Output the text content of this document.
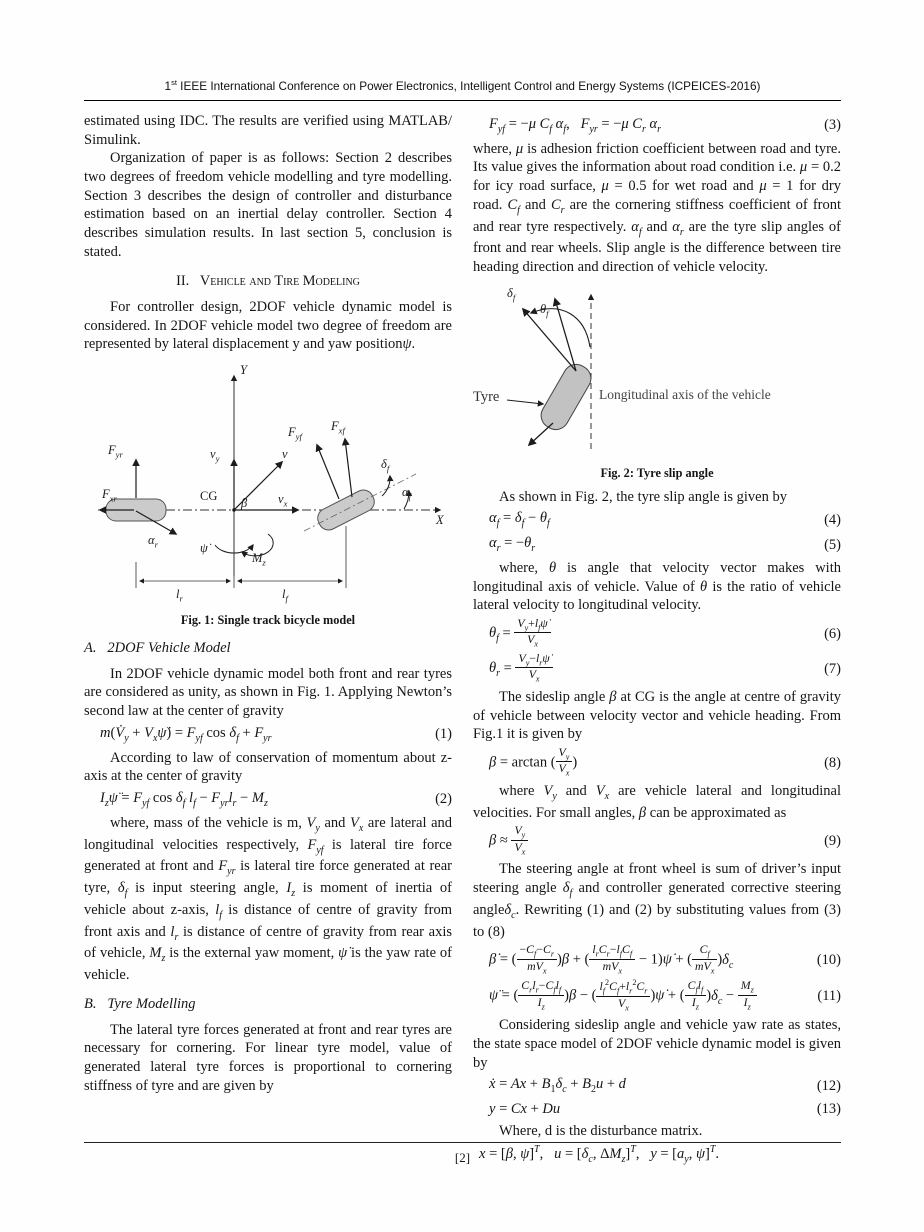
1st IEEE International Conference on Power Electronics, Intelligent Control and Energy Systems (ICPEICES-2016)

estimated using IDC. The results are verified using MATLAB/ Simulink.

Organization of paper is as follows: Section 2 describes two degrees of freedom vehicle modelling and tyre modelling. Section 3 describes the design of controller and disturbance estimation based on an inertial delay controller. Section 4 describes simulation results. In last section 5, conclusion is stated.

II.   Vehicle and Tire Modeling

For controller design, 2DOF vehicle dynamic model is considered. In 2DOF vehicle model two degree of freedom are represented by lateral displacement y and yaw positionψ.

Y
X
$F_{yr}$
$F_{xr}$
$\alpha_r$
CG β
$v_y$	v
$v_x$
$F_{yf}$
$F_{xf}$
$\delta_f$
$\alpha_f$
ψ̇
$M_z$
$l_r$	$l_f$
Fig. 1: Single track bicycle model
A.   2DOF Vehicle Model

In 2DOF vehicle dynamic model both front and rear tyres are considered as unity, as shown in Fig. 1. Applying Newton’s second law at the center of gravity

$m(V̇_y$ + $V_x\psi̇) = F_{yf}$ $\cos \delta_f + F_{yr}$	(1)

According to law of conservation of momentum about z-axis at the center of gravity

$I_z\psï = F_{yf}$ $\cos \delta_f$ $l_f - F_{yr}l_r - M_z$	(2)

where, mass of the vehicle is m, $V_y$ and $V_x$ are lateral and longitudinal velocities respectively, $F_{yf}$ is lateral tire force generated at front and $F_{yr}$ is lateral tire force generated at rear tyre, $\delta_f$ is input steering angle, $I_z$ is moment of inertia of vehicle about z-axis, $l_f$ is distance of centre of gravity from front axis and $l_r$ is distance of centre of gravity from rear axis of vehicle, $M_z$ is the external yaw moment, ψ̇ is the yaw rate of vehicle.

B.   Tyre Modelling

The lateral tyre forces generated at front and rear tyres are necessary for cornering. For linear tyre model, value of generated lateral tyre forces is proportional to cornering stiffness of tyre and are given by

$F_{yf} = -\mu$ $C_f$ $\alpha_f$,   $F_{yr} = -\mu$ $C_r$ $\alpha_r$	(3)

where, μ is adhesion friction coefficient between road and tyre. Its value gives the information about road condition i.e. μ = 0.2 for icy road surface, μ = 0.5 for wet road and μ = 1 for dry road. $C_f$ and $C_r$ are the cornering stiffness coefficient of front and rear tyre respectively. $\alpha_f$ and $\alpha_r$ are the tyre slip angles of front and rear wheels. Slip angle is the difference between tire heading direction and direction of vehicle velocity.

$\delta_f$
$\theta_f$
Tyre	Longitudinal axis of the vehicle
Fig. 2: Tyre slip angle

As shown in Fig. 2, the tyre slip angle is given by

$\alpha_f = \delta_f - \theta_f$	(4)
$\alpha_r = -\theta_r$	(5)

where, θ is angle that velocity vector makes with longitudinal axis of vehicle. Value of θ is the ratio of vehicle lateral velocity to longitudinal velocity.

$\theta_f = \frac{V_y+l_f\psi̇}{V_x}$	(6)
$\theta_r = \frac{V_y-l_r\psi̇}{V_x}$	(7)

The sideslip angle β at CG is the angle at centre of gravity of vehicle between velocity vector and vehicle heading. From Fig.1 it is given by

β = arctan ( $\frac{V_y}{V_x}$ )	(8)

where $V_y$ and $V_x$ are vehicle lateral and longitudinal velocities. For small angles, β can be approximated as

$\beta \approx \frac{V_y}{V_x}$	(9)

The steering angle at front wheel is sum of driver’s input steering angle $\delta_f$ and controller generated corrective steering angleδ$_c$. Rewriting (1) and (2) by substituting values from (3) to (8)

β̇ = ( $\frac{-C_f-C_r}{mV_x} )\beta$ + ( $\frac{l_rC_r-l_fC_f}{mV_x}$ − 1)ψ̇ + ( $\frac{C_f}{mV_x} )\delta_c$	(10)
ψ̈ = ( $\frac{C_rl_r-C_fl_f}{I_z} )\beta$ − ( $\frac{l_f^2C_f+l_r^2C_r}{V_x}$ )ψ̇ + ( $\frac{C_fl_f}{I_z} )\delta_c - \frac{M_z}{I_z}$	(11)

Considering sideslip angle and vehicle yaw rate as states, the state space model of 2DOF vehicle dynamic model is given by

ẋ = $Ax + B_1\delta_c + B_2u + d$	(12)
y = Cx + Du	(13)

Where, d is the disturbance matrix.

x = [β, ψ̇]$^T$,   $u = [\delta_c$, $\Delta M_z]^T$,   $y = [a_y$, ψ̇]$^T$.
[2]
